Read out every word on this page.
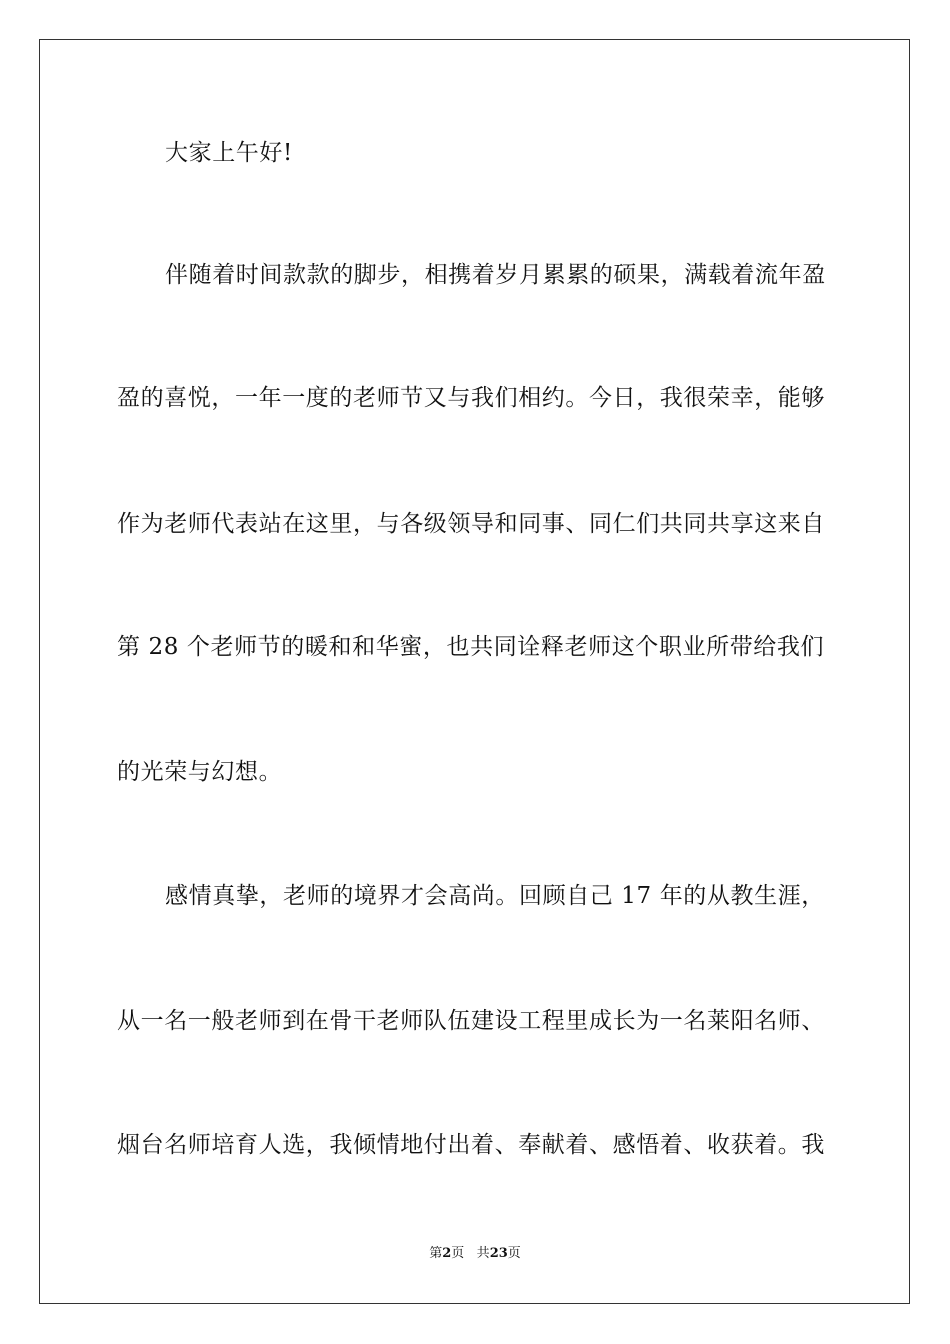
大家上午好!
伴随着时间款款的脚步，相携着岁月累累的硕果，满载着流年盈
盈的喜悦，一年一度的老师节又与我们相约。今日，我很荣幸，能够
作为老师代表站在这里，与各级领导和同事、同仁们共同共享这来自
第 28 个老师节的暖和和华蜜，也共同诠释老师这个职业所带给我们
的光荣与幻想。
感情真挚，老师的境界才会高尚。回顾自己 17 年的从教生涯，
从一名一般老师到在骨干老师队伍建设工程里成长为一名莱阳名师、
烟台名师培育人选，我倾情地付出着、奉献着、感悟着、收获着。我
第2页 共23页
